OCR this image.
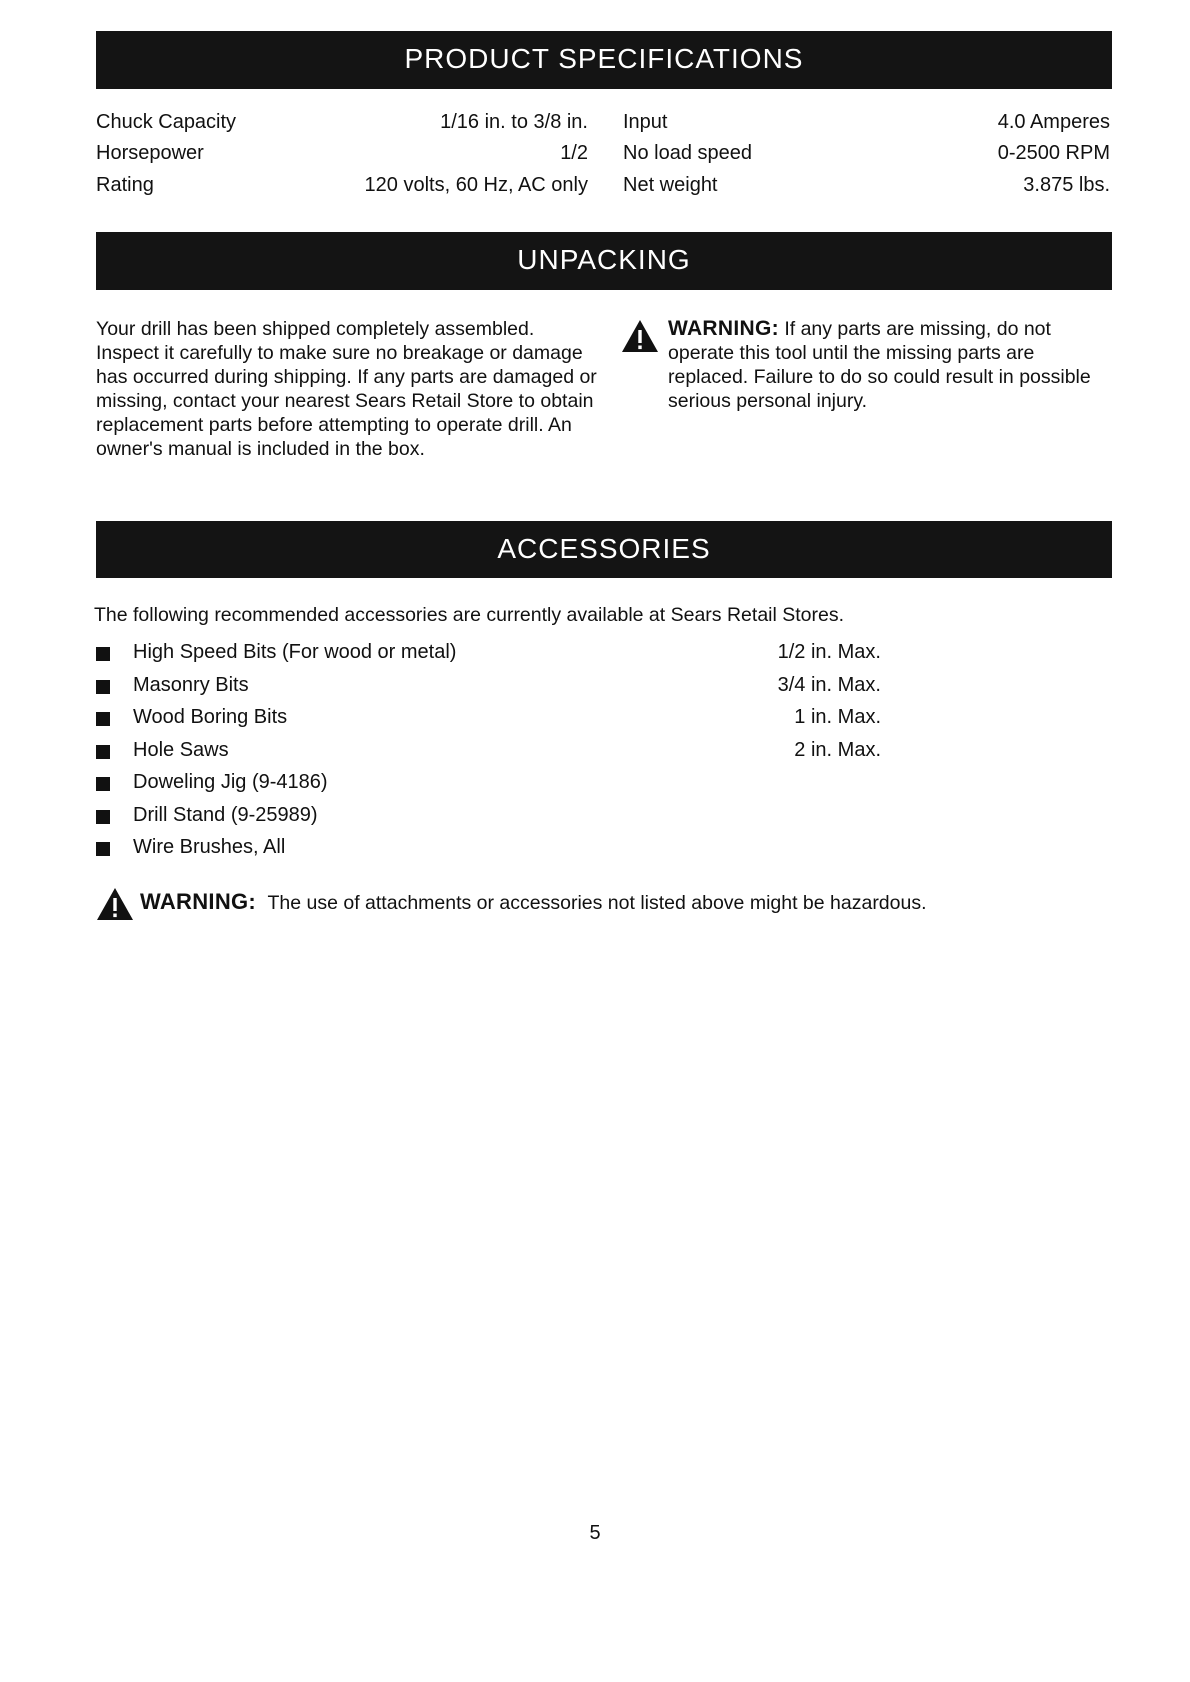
PRODUCT SPECIFICATIONS
Chuck Capacity	1/16 in. to 3/8 in. Input	4.0 Amperes
Horsepower	1/2 No load speed	0-2500 RPM
Rating	120 volts, 60 Hz, AC only Net weight	3.875 lbs.
UNPACKING
Your drill has been shipped completely assembled. Inspect it carefully to make sure no breakage or damage has occurred during shipping. If any parts are damaged or missing, contact your nearest Sears Retail Store to obtain replacement parts before attempting to operate drill. An owner's manual is included in the box.
WARNING: If any parts are missing, do not operate this tool until the missing parts are replaced. Failure to do so could result in possible serious personal injury.
ACCESSORIES
The following recommended accessories are currently available at Sears Retail Stores.
High Speed Bits (For wood or metal)	1/2 in. Max.
Masonry Bits	3/4 in. Max.
Wood Boring Bits	1 in. Max.
Hole Saws	2 in. Max.
Doweling Jig (9-4186)
Drill Stand (9-25989)
Wire Brushes, All
WARNING: The use of attachments or accessories not listed above might be hazardous.
5
